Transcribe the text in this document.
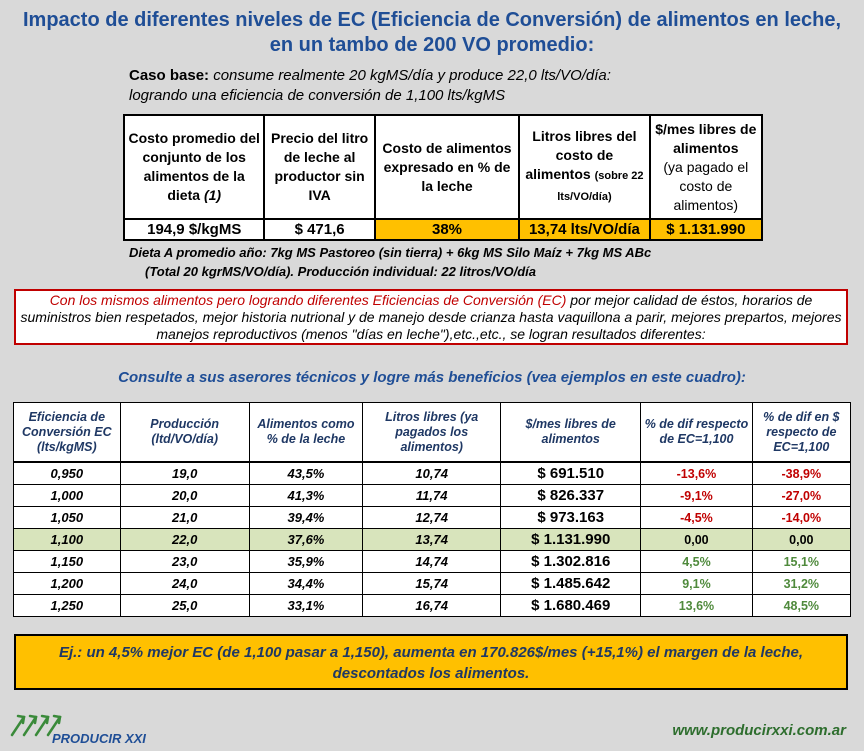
Impacto de diferentes niveles de EC (Eficiencia de Conversión) de alimentos en leche,
en un tambo de 200 VO promedio:
Caso base: consume realmente 20 kgMS/día y produce 22,0 lts/VO/día:
logrando una eficiencia de conversión de 1,100 lts/kgMS
Costo promedio del conjunto de los alimentos de la dieta (1)	Precio del litro de leche al productor sin IVA	Costo de alimentos expresado en % de la leche	Litros libres del costo de alimentos (sobre 22 lts/VO/día)	$/mes libres de alimentos
(ya pagado el costo de alimentos)
194,9 $/kgMS	$ 471,6	38%	13,74 lts/VO/día	$ 1.131.990
Dieta A promedio año: 7kg MS Pastoreo (sin tierra) + 6kg MS Silo Maíz + 7kg MS ABc
(Total 20 kgrMS/VO/día). Producción individual: 22 litros/VO/día
Con los mismos alimentos pero logrando diferentes Eficiencias de Conversión (EC) por mejor calidad de éstos, horarios de suministros bien respetados, mejor historia nutrional y de manejo desde crianza hasta vaquillona a parir, mejores prepartos, mejores manejos reproductivos (menos "días en leche"),etc.,etc., se logran resultados diferentes:
Consulte a sus aserores técnicos y logre más beneficios (vea ejemplos en este cuadro):
Eficiencia de Conversión EC (lts/kgMS)	Producción (ltd/VO/día)	Alimentos como % de la leche	Litros libres (ya pagados los alimentos)	$/mes libres de alimentos	% de dif respecto de EC=1,100	% de dif en $ respecto de EC=1,100
0,950	19,0	43,5%	10,74	$ 691.510	-13,6%	-38,9%
1,000	20,0	41,3%	11,74	$ 826.337	-9,1%	-27,0%
1,050	21,0	39,4%	12,74	$ 973.163	-4,5%	-14,0%
1,100	22,0	37,6%	13,74	$ 1.131.990	0,00	0,00
1,150	23,0	35,9%	14,74	$ 1.302.816	4,5%	15,1%
1,200	24,0	34,4%	15,74	$ 1.485.642	9,1%	31,2%
1,250	25,0	33,1%	16,74	$ 1.680.469	13,6%	48,5%
Ej.: un 4,5% mejor EC (de 1,100 pasar a 1,150), aumenta en 170.826$/mes (+15,1%) el margen de la leche, descontados los alimentos.
PRODUCIR XXI	www.producirxxi.com.ar
